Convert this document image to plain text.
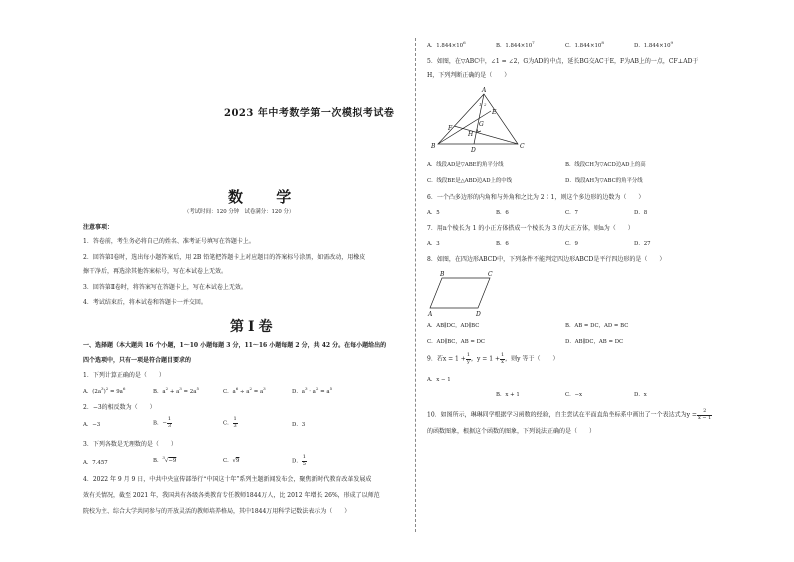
2023 年中考数学第一次模拟考试卷
数 学
（考试时间：120 分钟　试卷满分：120 分）
注意事项：
1．答卷前，考生务必将自己的姓名、准考证号填写在答题卡上。
2．回答第Ⅰ卷时，选出每小题答案后，用 2B 铅笔把答题卡上对应题目的答案标号涂黑，如需改动，用橡皮
擦干净后，再选涂其他答案标号，写在本试卷上无效。
3．回答第Ⅱ卷时，将答案写在答题卡上，写在本试卷上无效。
4．考试结束后，将本试卷和答题卡一并交回。
第Ⅰ卷
一、选择题（本大题共 16 个小题，1～10 小题每题 3 分，11～16 小题每题 2 分，共 42 分。在每小题给出的
四个选项中，只有一项是符合题目要求的
1．下列计算正确的是（　　）
A．$(2a^3)^2 = 9a^6$
B．$a^2 + a^3 = 2a^5$
C．$a^6 \div a^2 = a^3$
D．$a^3 \cdot a^2 = a^5$
2．−3的相反数为（　　）
A．−3	B．− $\frac{1}{3}$	C． $\frac{1}{3}$	D．3
3．下列各数是无理数的是（　　）
A．7.457	B．$^3$√−9	C．√9	D． $\frac{1}{5}$
4．2022 年 9 月 9 日，中共中央宣传部举行“中国这十年”系列主题新闻发布会，聚焦新时代教育改革发展成
效有关情况，截至 2021 年，我国共有各级各类教育专任教师1844万人，比 2012 年增长 26%，形成了以师范
院校为主、综合大学共同参与的开放灵活的教师培养格局，其中1844万用科学记数法表示为（　　）
A．$1.844\times 10^6$
B．$1.844\times 10^7$
C．$1.844\times 10^8$
D．$1.844\times 10^9$
5．如图，在▽ABC中，∠1 = ∠2，G为AD的中点，延长BG交AC于E，F为AB上的一点，CF⊥AD于
H，下列判断正确的是（　　）
A
E
G
F
H
B
D
C
1 2
A．线段AD是▽ABE的角平分线	B．线段CH为▽ACD边AD上的高
C．线段BE是△ABD边AD上的中线	D．线段AH为▽ABC的角平分线
6．一个凸多边形的内角和与外角和之比为 2∶1，则这个多边形的边数为（　　）
A．5	B．6	C．7	D．8
7．用n个棱长为 1 的小正方体搭成一个棱长为 3 的大正方体，则n为（　　）
A．3	B．6	C．9	D．27
8．如图，在四边形ABCD中，下列条件不能判定四边形ABCD是平行四边形的是（　　）
B	C
A	D
A．AB∥DC，AD∥BC	B．AB = DC，AD = BC
C．AD∥BC，AB = DC	D．AB∥DC，AB = DC
9．若$x = 1 + \frac{1}{y}$ ，$y = 1 + \frac{1}{x}$ ，则y 等于（　　）
A．x − 1
B．x + 1	C．−x	D．x
10．如图所示，琳琳同学根据学习函数的经验，自主尝试在平面直角坐标系中画出了一个表达式为$y = \frac{2}{x - 1}$
的函数图象，根据这个函数的图象，下列说法正确的是（　　）
